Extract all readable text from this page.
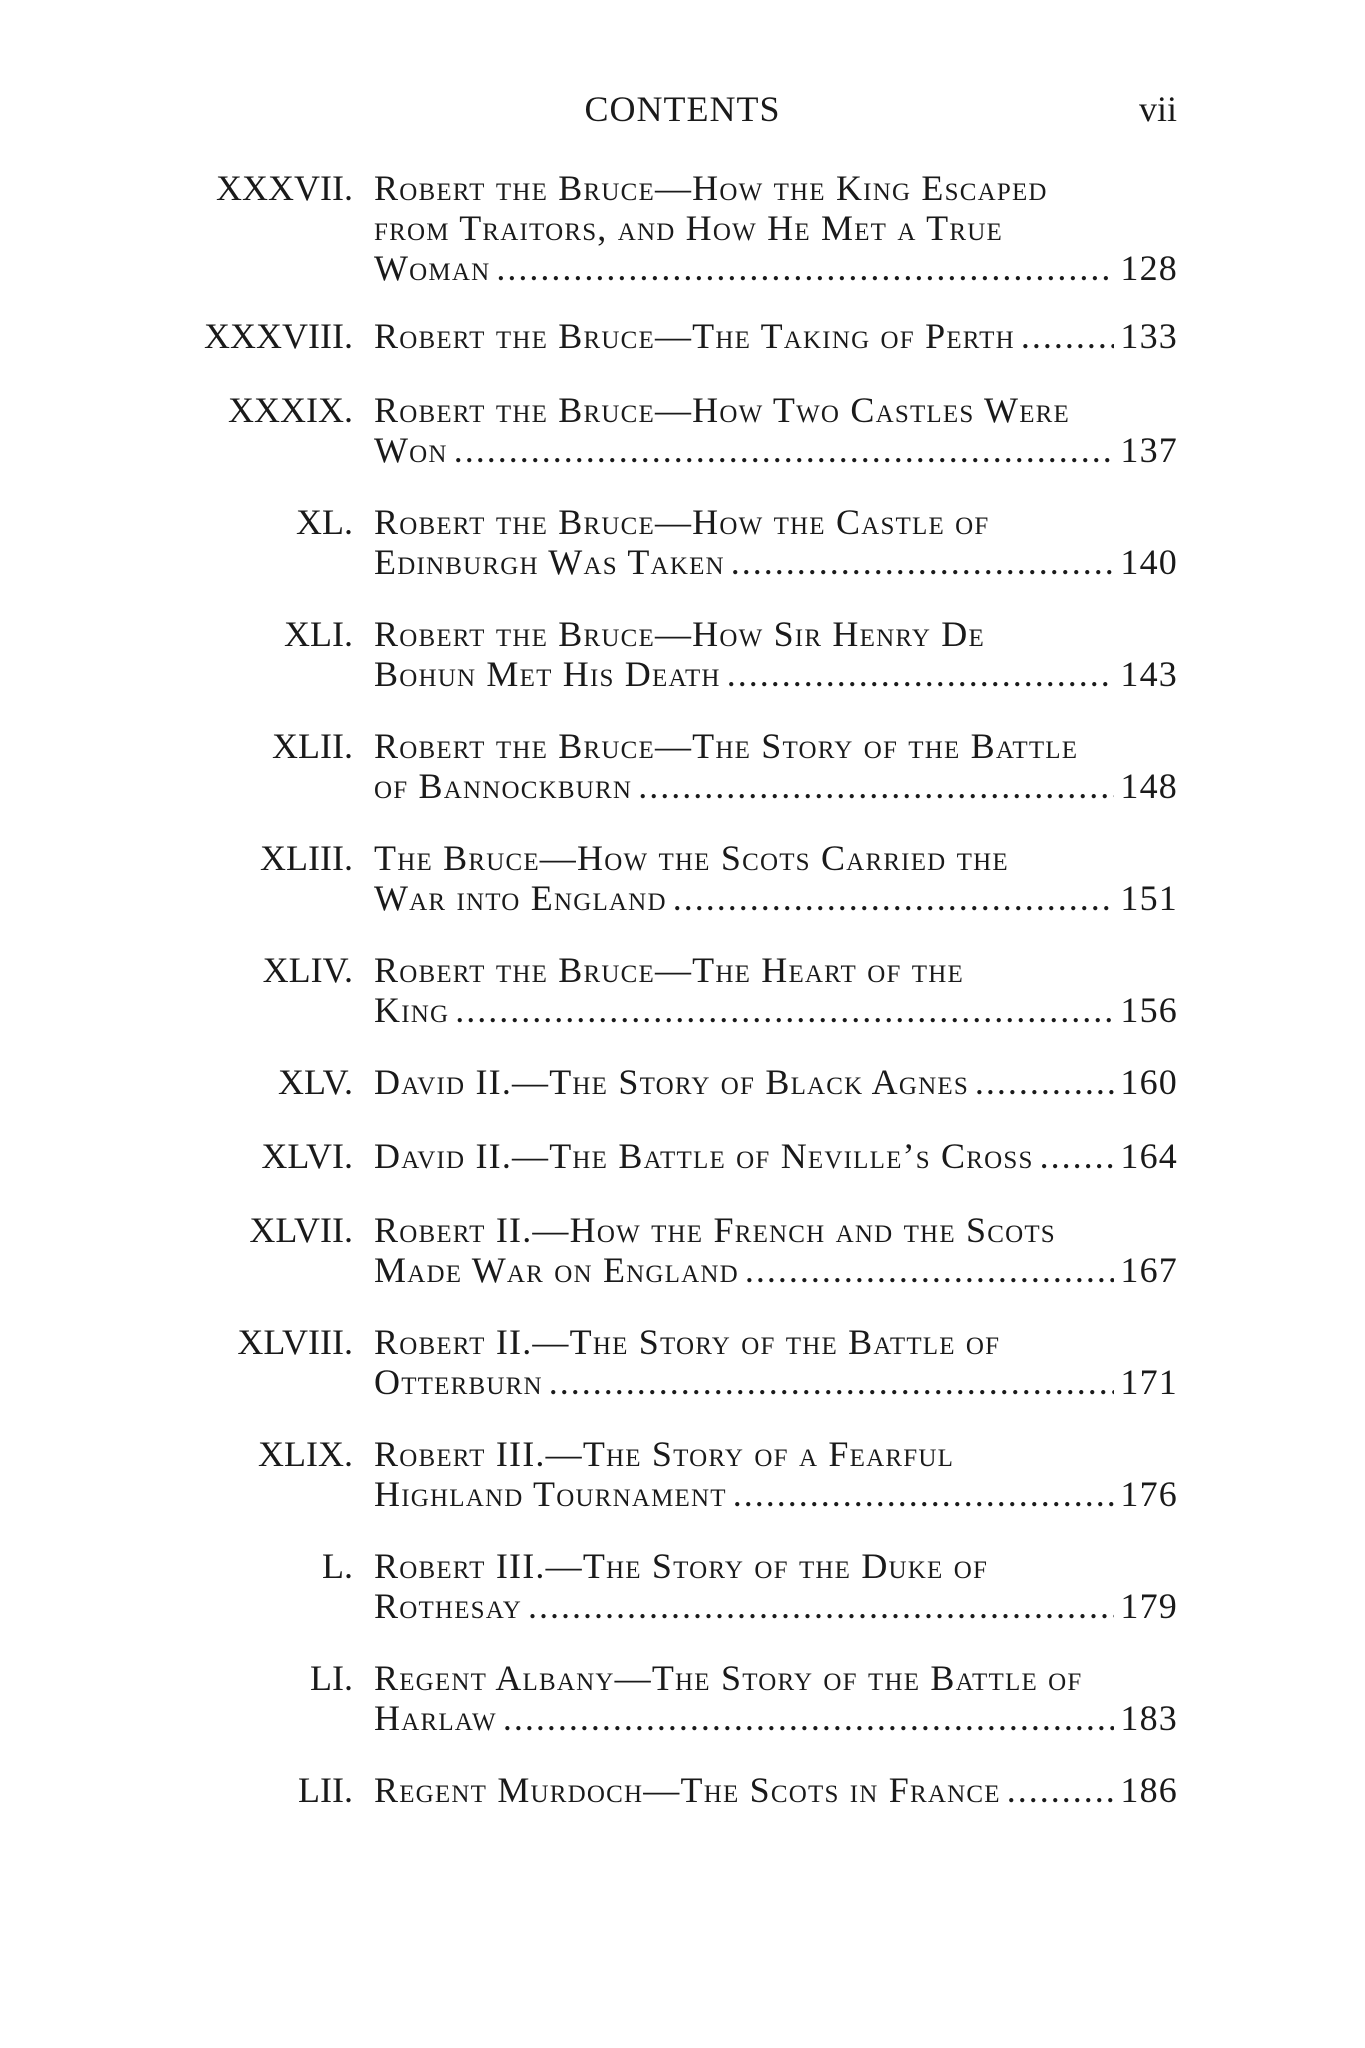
CONTENTS	vii
XXXVII. Robert the Bruce—How the King Escaped
from Traitors, and How He Met a True
Woman .....	128
XXXVIII. Robert the Bruce—The Taking of Perth .....	133
XXXIX. Robert the Bruce—How Two Castles Were
Won .....	137
XL. Robert the Bruce—How the Castle of
Edinburgh Was Taken .....	140
XLI. Robert the Bruce—How Sir Henry De
Bohun Met His Death .....	143
XLII. Robert the Bruce—The Story of the Battle
of Bannockburn .....	148
XLIII. The Bruce—How the Scots Carried the
War into England .....	151
XLIV. Robert the Bruce—The Heart of the
King .....	156
XLV. David II.—The Story of Black Agnes .....	160
XLVI. David II.—The Battle of Neville’s Cross ..... 164
XLVII. Robert II.—How the French and the Scots
Made War on England .....	167
XLVIII. Robert II.—The Story of the Battle of
Otterburn .....	171
XLIX. Robert III.—The Story of a Fearful
Highland Tournament .....	176
L. Robert III.—The Story of the Duke of
Rothesay .....	179
LI. Regent Albany—The Story of the Battle of
Harlaw .....	183
LII. Regent Murdoch—The Scots in France .....	186
